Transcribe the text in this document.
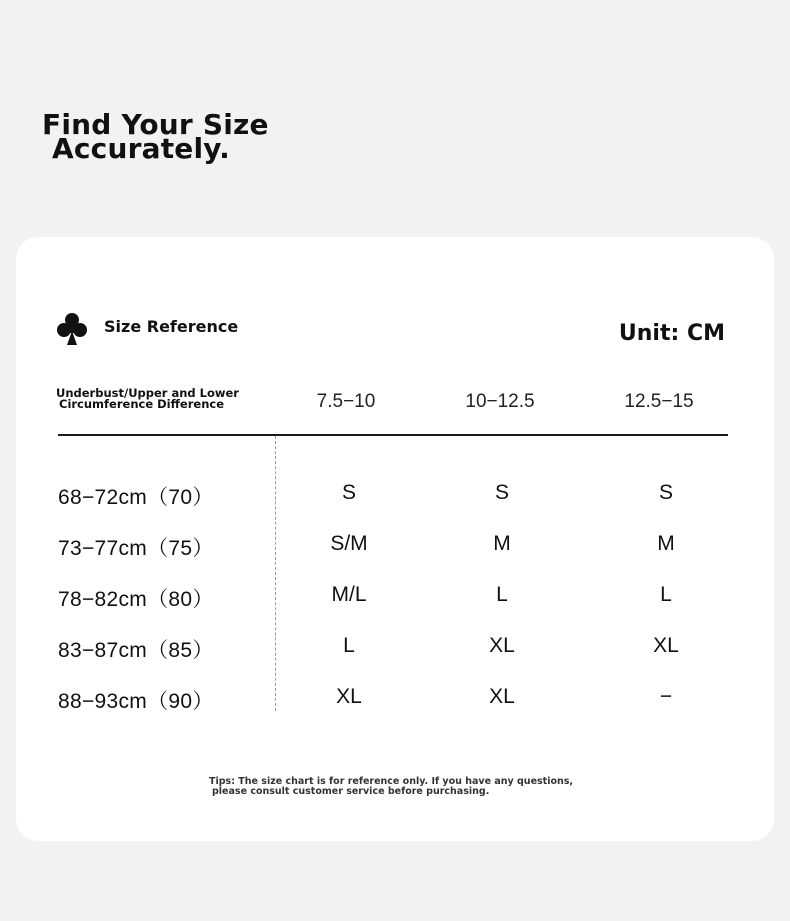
Find Your Size
Accurately.
Size Reference	Unit: CM
Underbust/Upper and Lower
Circumference Difference	7.5−10	10−12.5	12.5−15
68−72cm（70）	S	S	S
73−77cm（75）	S/M	M	M
78−82cm（80）	M/L	L	L
83−87cm（85）	L	XL	XL
88−93cm（90）	XL	XL	−
Tips: The size chart is for reference only. If you have any questions,
please consult customer service before purchasing.
